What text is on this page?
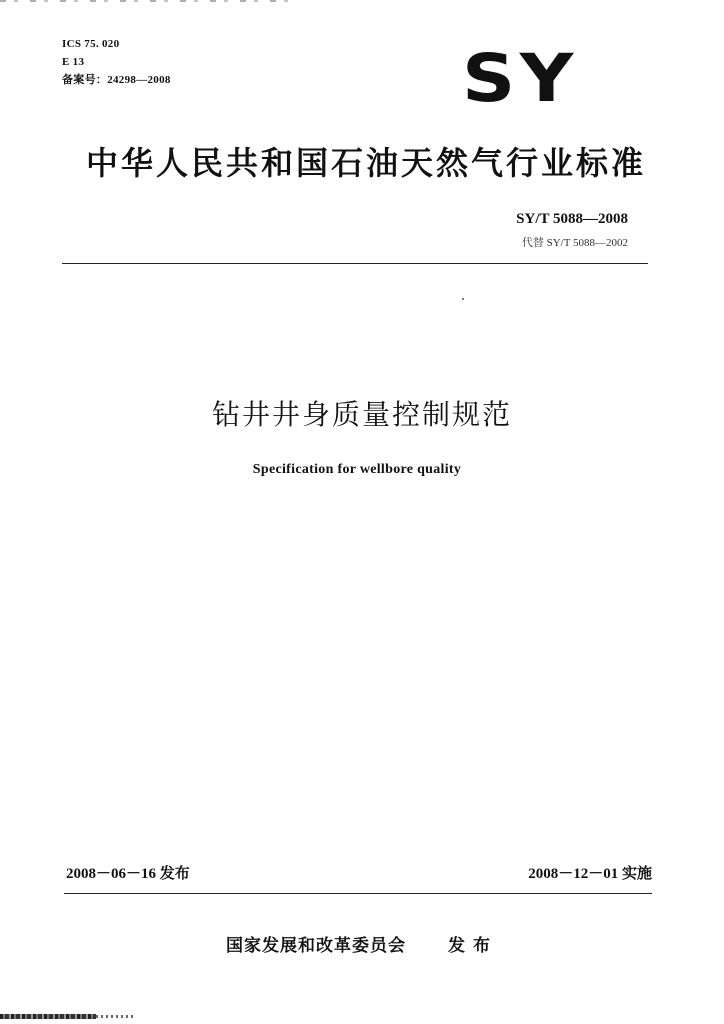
ICS 75. 020
E 13
备案号：24298—2008	SY
中华人民共和国石油天然气行业标准
SY/T 5088—2008
代替 SY/T 5088—2002
钻井井身质量控制规范
Specification for wellbore quality
2008－06－16 发布	2008－12－01 实施
国家发展和改革委员会 发布
